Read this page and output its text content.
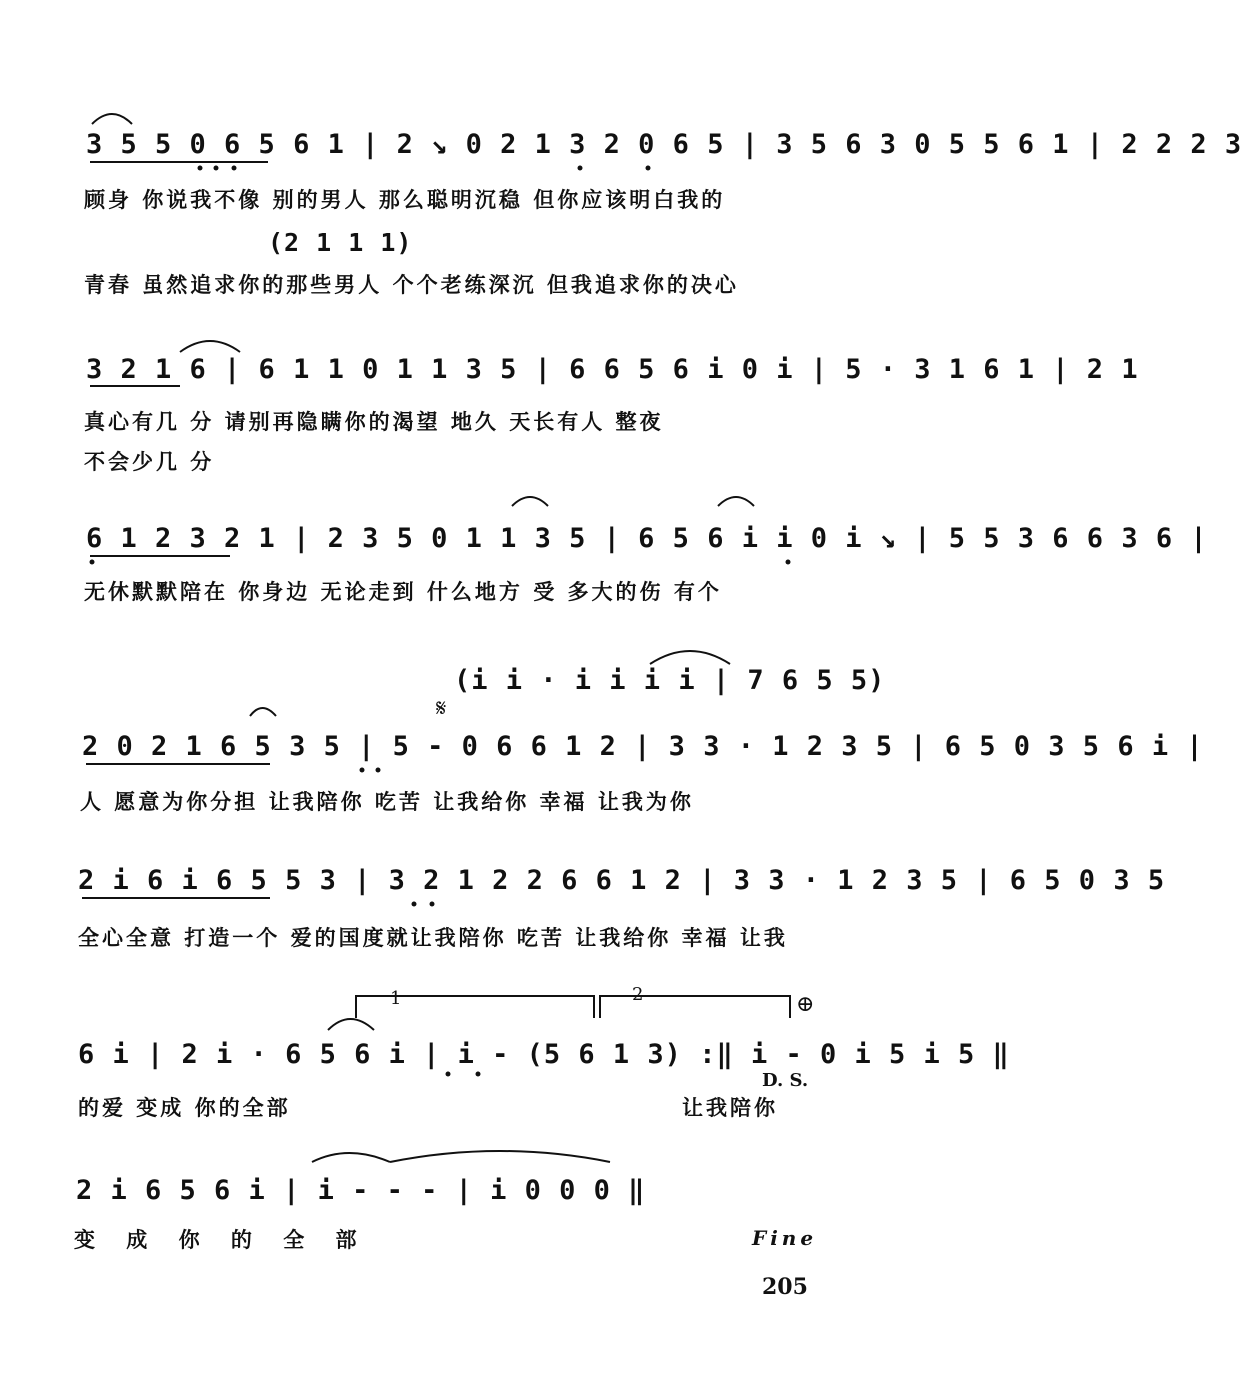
3 5 5 0 6 5 6 1 | 2 ↘ 0 2 1 3 2 0 6 5 | 3 5 6 3 0 5 5 6 1 | 2 2 2 3
顾身 你说我不像 别的男人 那么聪明沉稳 但你应该明白我的
(2 1 1 1)
青春 虽然追求你的那些男人 个个老练深沉 但我追求你的决心
3 2 1 6 | 6 1 1 0 1 1 3 5 | 6 6 5 6 i 0 i | 5 · 3 1 6 1 | 2 1
真心有几 分 请别再隐瞒你的渴望 地久 天长有人 整夜
不会少几 分
6 1 2 3 2 1 | 2 3 5 0 1 1 3 5 | 6 5 6 i i 0 i ↘ | 5 5 3 6 6 3 6 |
无休默默陪在 你身边 无论走到 什么地方 受 多大的伤 有个
𝄋
(i i · i i i i | 7 6 5 5)
2 0 2 1 6 5 3 5 | 5 - 0 6 6 1 2 | 3 3 · 1 2 3 5 | 6 5 0 3 5 6 i |
人 愿意为你分担 让我陪你 吃苦 让我给你 幸福 让我为你
2 i 6 i 6 5 5 3 | 3 2 1 2 2 6 6 1 2 | 3 3 · 1 2 3 5 | 6 5 0 3 5
全心全意 打造一个 爱的国度就让我陪你 吃苦 让我给你 幸福 让我
1	2	⊕
6 i | 2 i · 6 5 6 i | i - (5 6 1 3) :‖ i - 0 i 5 i 5 ‖
D. S.
的爱 变成 你的全部	让我陪你
2 i 6 5 6 i | i - - - | i 0 0 0 ‖
变 成 你 的 全 部	Fine
205
